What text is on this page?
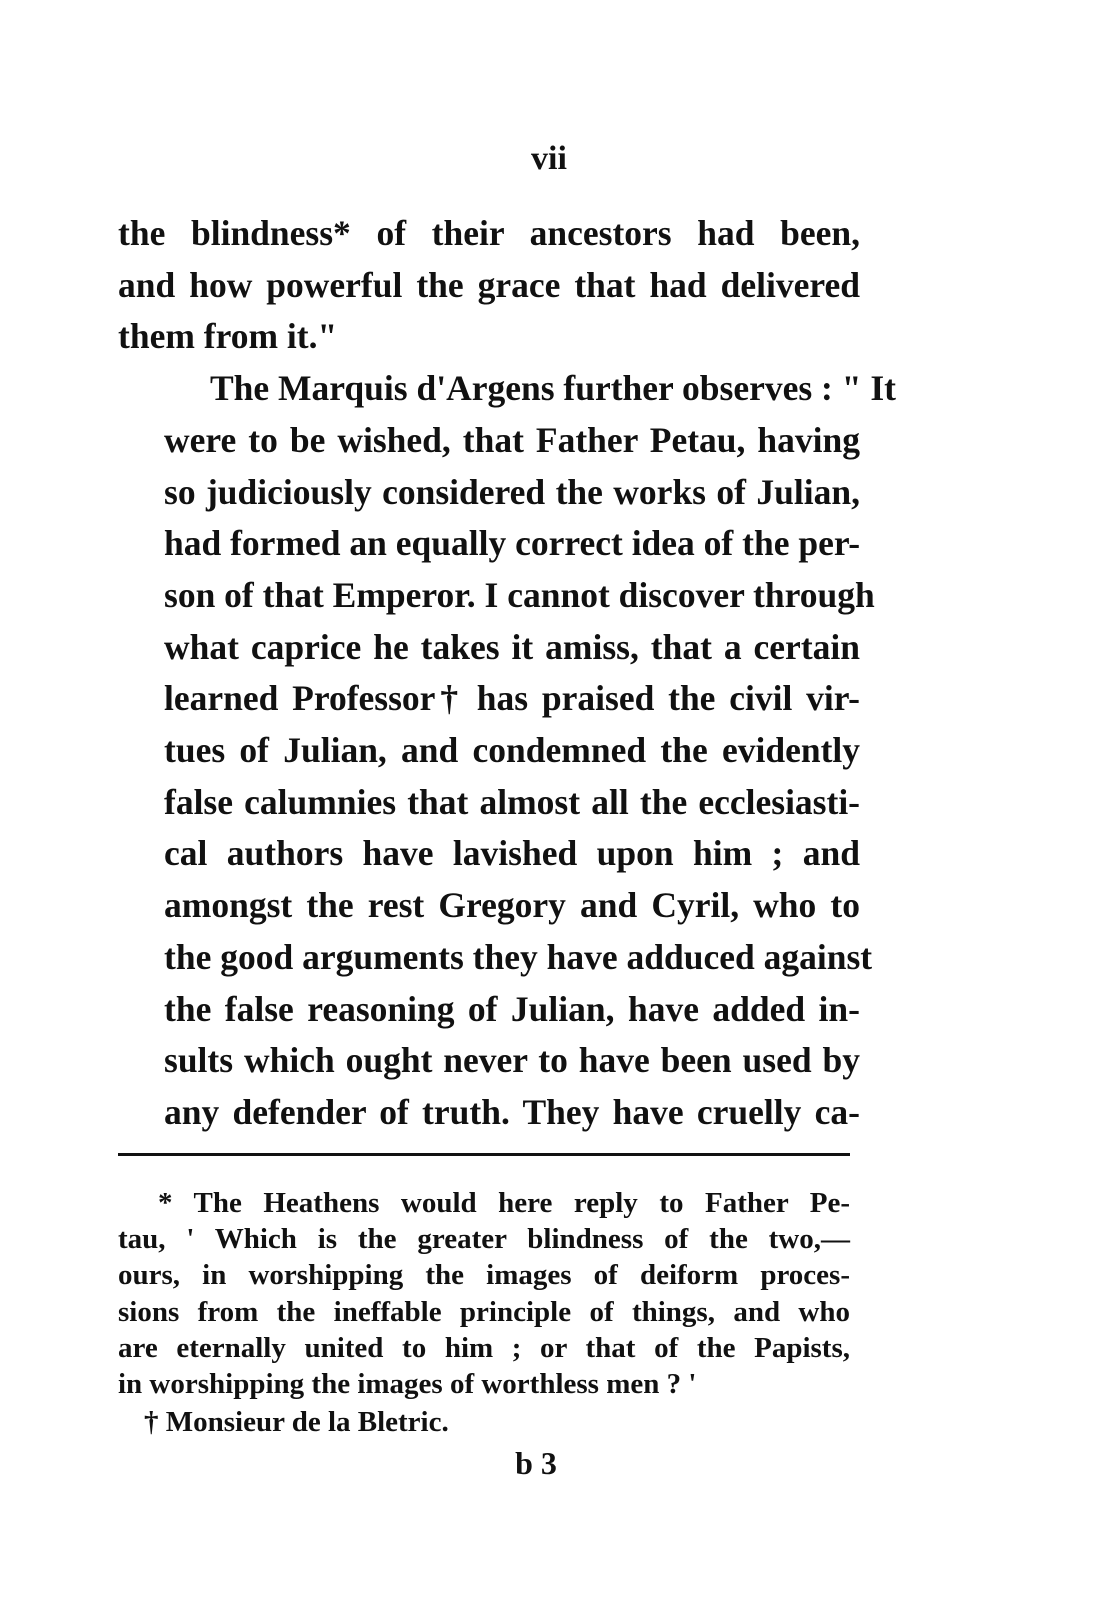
vii

the blindness* of their ancestors had been,
and how powerful the grace that had delivered
them from it."

The Marquis d'Argens further observes : " It
were to be wished, that Father Petau, having
so judiciously considered the works of Julian,
had formed an equally correct idea of the per-
son of that Emperor. I cannot discover through
what caprice he takes it amiss, that a certain
learned Professor† has praised the civil vir-
tues of Julian, and condemned the evidently
false calumnies that almost all the ecclesiasti-
cal authors have lavished upon him ; and
amongst the rest Gregory and Cyril, who to
the good arguments they have adduced against
the false reasoning of Julian, have added in-
sults which ought never to have been used by
any defender of truth. They have cruelly ca-

* The Heathens would here reply to Father Pe-
tau, ' Which is the greater blindness of the two,—
ours, in worshipping the images of deiform proces-
sions from the ineffable principle of things, and who
are eternally united to him ; or that of the Papists,
in worshipping the images of worthless men ? '
† Monsieur de la Bletric.
b 3
